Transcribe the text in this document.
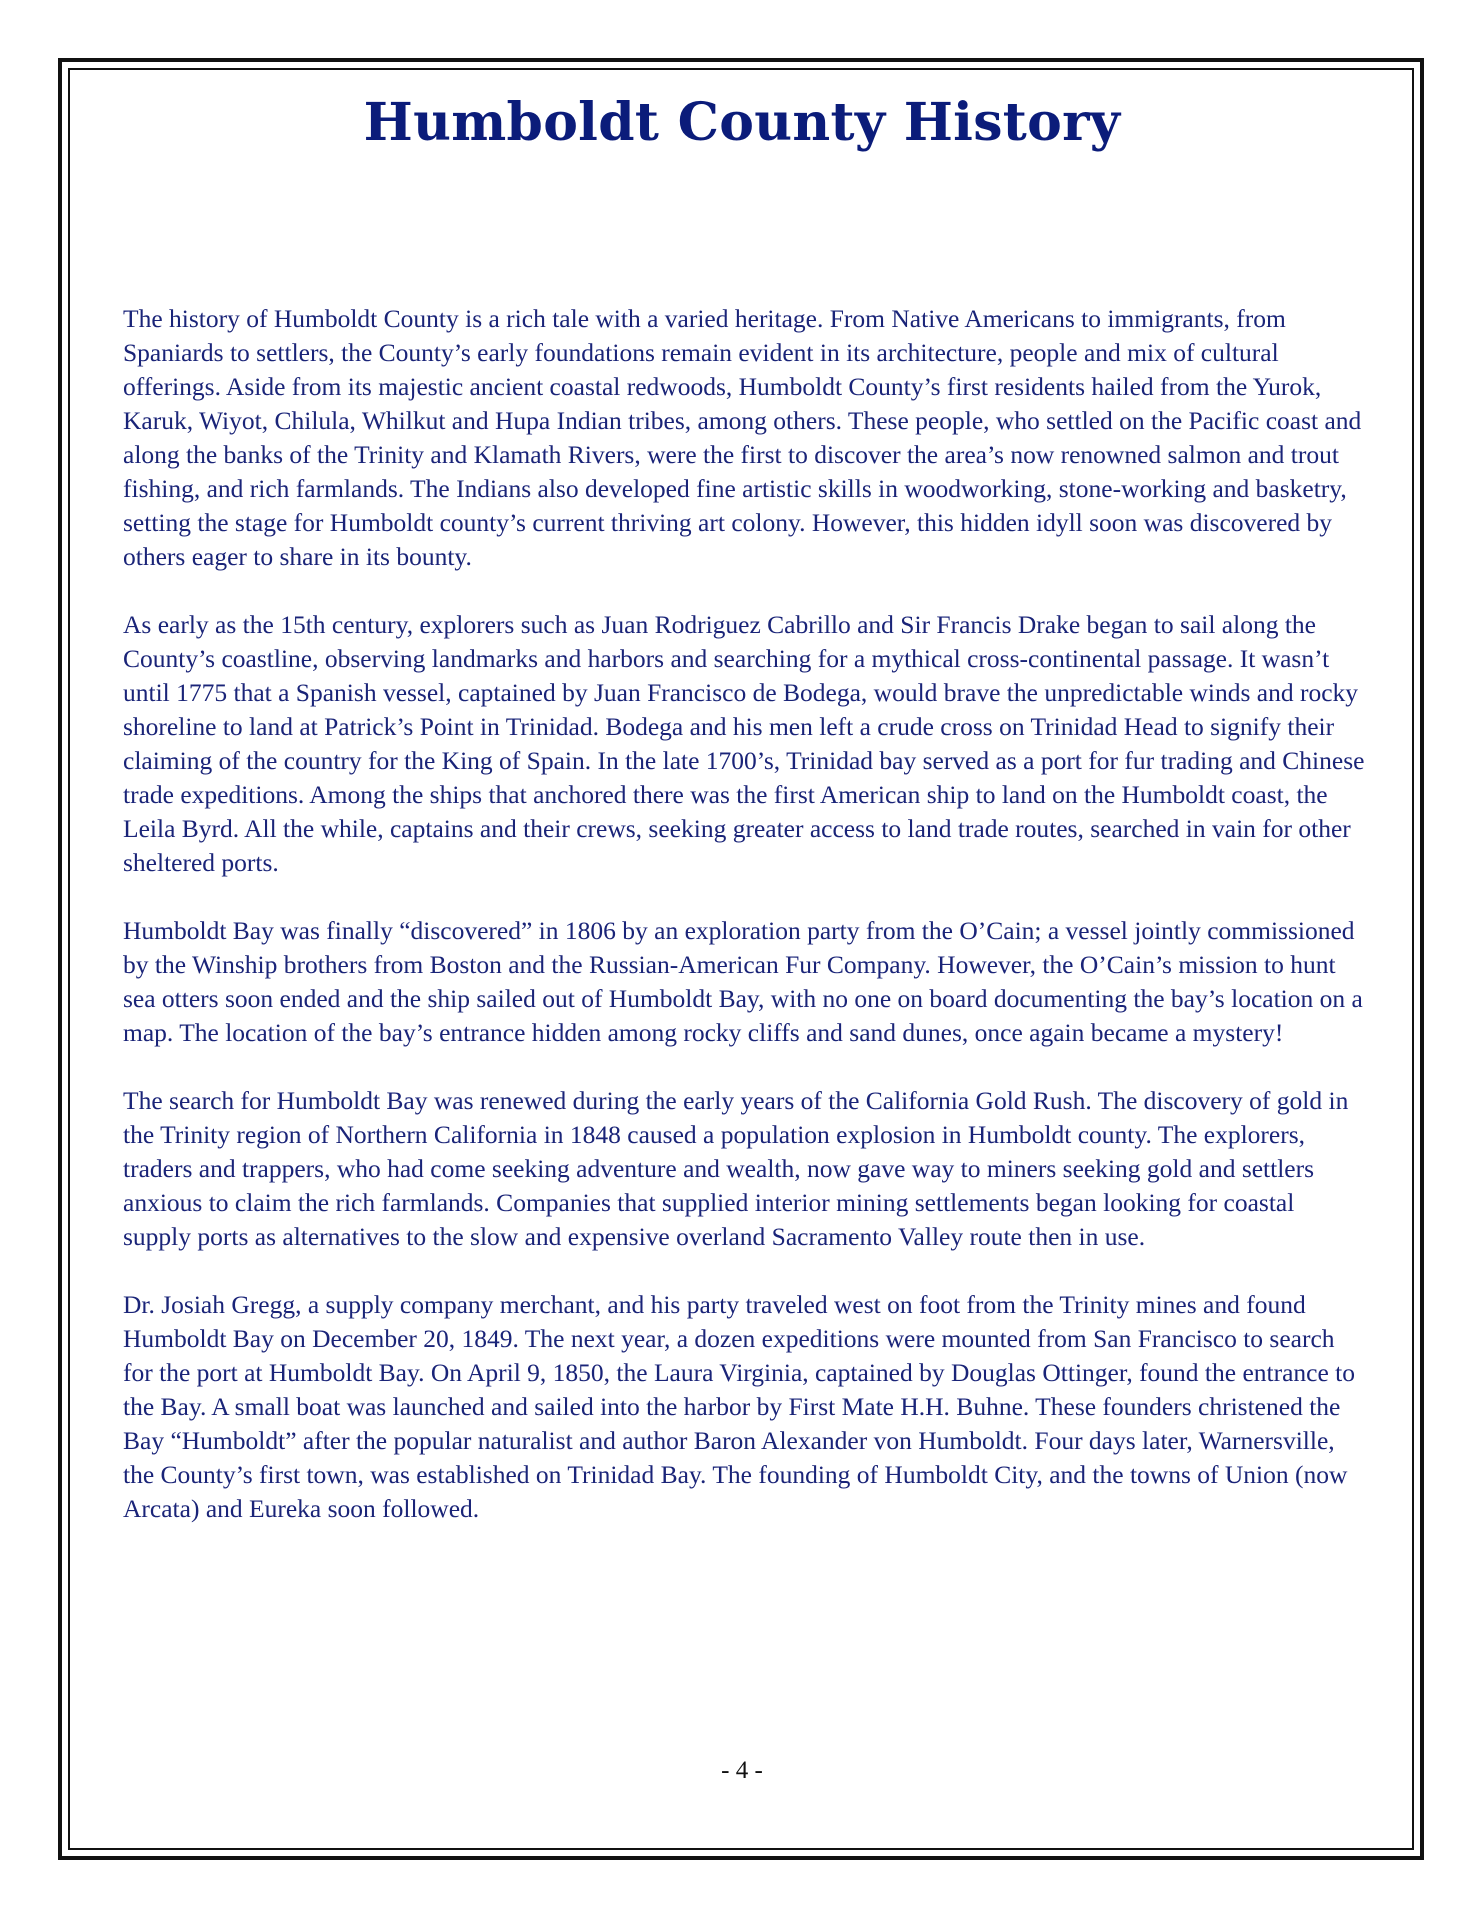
Humboldt County History

The history of Humboldt County is a rich tale with a varied heritage. From Native Americans to immigrants, from Spaniards to settlers, the County’s early foundations remain evident in its architecture, people and mix of cultural offerings. Aside from its majestic ancient coastal redwoods, Humboldt County’s first residents hailed from the Yurok, Karuk, Wiyot, Chilula, Whilkut and Hupa Indian tribes, among others. These people, who settled on the Pacific coast and along the banks of the Trinity and Klamath Rivers, were the first to discover the area’s now renowned salmon and trout fishing, and rich farmlands. The Indians also developed fine artistic skills in woodworking, stone-working and basketry, setting the stage for Humboldt county’s current thriving art colony. However, this hidden idyll soon was discovered by others eager to share in its bounty.

As early as the 15th century, explorers such as Juan Rodriguez Cabrillo and Sir Francis Drake began to sail along the County’s coastline, observing landmarks and harbors and searching for a mythical cross-continental passage. It wasn’t until 1775 that a Spanish vessel, captained by Juan Francisco de Bodega, would brave the unpredictable winds and rocky shoreline to land at Patrick’s Point in Trinidad. Bodega and his men left a crude cross on Trinidad Head to signify their claiming of the country for the King of Spain. In the late 1700’s, Trinidad bay served as a port for fur trading and Chinese trade expeditions. Among the ships that anchored there was the first American ship to land on the Humboldt coast, the Leila Byrd. All the while, captains and their crews, seeking greater access to land trade routes, searched in vain for other sheltered ports.

Humboldt Bay was finally “discovered” in 1806 by an exploration party from the O’Cain; a vessel jointly commissioned by the Winship brothers from Boston and the Russian-American Fur Company. However, the O’Cain’s mission to hunt sea otters soon ended and the ship sailed out of Humboldt Bay, with no one on board documenting the bay’s location on a map. The location of the bay’s entrance hidden among rocky cliffs and sand dunes, once again became a mystery!

The search for Humboldt Bay was renewed during the early years of the California Gold Rush. The discovery of gold in the Trinity region of Northern California in 1848 caused a population explosion in Humboldt county. The explorers, traders and trappers, who had come seeking adventure and wealth, now gave way to miners seeking gold and settlers anxious to claim the rich farmlands. Companies that supplied interior mining settlements began looking for coastal supply ports as alternatives to the slow and expensive overland Sacramento Valley route then in use.

Dr. Josiah Gregg, a supply company merchant, and his party traveled west on foot from the Trinity mines and found Humboldt Bay on December 20, 1849. The next year, a dozen expeditions were mounted from San Francisco to search for the port at Humboldt Bay. On April 9, 1850, the Laura Virginia, captained by Douglas Ottinger, found the entrance to the Bay. A small boat was launched and sailed into the harbor by First Mate H.H. Buhne. These founders christened the Bay “Humboldt” after the popular naturalist and author Baron Alexander von Humboldt. Four days later, Warnersville, the County’s first town, was established on Trinidad Bay. The founding of Humboldt City, and the towns of Union (now Arcata) and Eureka soon followed.

- 4 -
